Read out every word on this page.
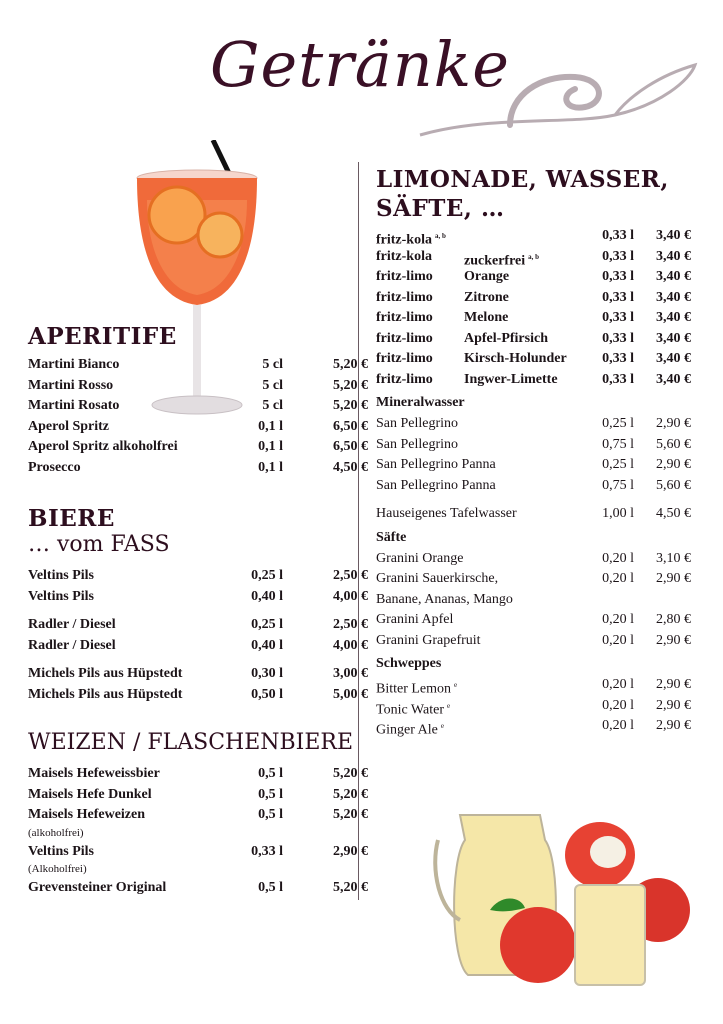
Getränke
APERITIFE
Martini Bianco	5 cl	5,20 €
Martini Rosso	5 cl	5,20 €
Martini Rosato	5 cl	5,20 €
Aperol Spritz	0,1 l	6,50 €
Aperol Spritz alkoholfrei	0,1 l	6,50 €
Prosecco	0,1 l	4,50 €
BIERE
… vom FASS
Veltins Pils	0,25 l	2,50 €
Veltins Pils	0,40 l	4,00 €
Radler / Diesel	0,25 l	2,50 €
Radler / Diesel	0,40 l	4,00 €
Michels Pils aus Hüpstedt	0,30 l	3,00 €
Michels Pils aus Hüpstedt	0,50 l	5,00 €
WEIZEN / FLASCHENBIERE
Maisels Hefeweissbier	0,5 l	5,20 €
Maisels Hefe Dunkel	0,5 l	5,20 €
Maisels Hefeweizen	0,5 l	5,20 €
(alkoholfrei)
Veltins Pils	0,33 l	2,90 €
(Alkoholfrei)
Grevensteiner Original	0,5 l	5,20 €
LIMONADE, WASSER,
SÄFTE, …
fritz-kola $^{a, b}$	0,33 l	3,40 €
fritz-kola zuckerfrei $^{a, b}$	0,33 l	3,40 €
fritz-limo Orange	0,33 l	3,40 €
fritz-limo Zitrone	0,33 l	3,40 €
fritz-limo Melone	0,33 l	3,40 €
fritz-limo Apfel-Pfirsich	0,33 l	3,40 €
fritz-limo Kirsch-Holunder	0,33 l	3,40 €
fritz-limo Ingwer-Limette	0,33 l	3,40 €
Mineralwasser
San Pellegrino	0,25 l	2,90 €
San Pellegrino	0,75 l	5,60 €
San Pellegrino Panna	0,25 l	2,90 €
San Pellegrino Panna	0,75 l	5,60 €
Hauseigenes Tafelwasser	1,00 l	4,50 €
Säfte
Granini Orange	0,20 l	3,10 €
Granini Sauerkirsche,	0,20 l	2,90 €
Banane, Ananas, Mango
Granini Apfel	0,20 l	2,80 €
Granini Grapefruit	0,20 l	2,90 €
Schweppes
Bitter Lemon $^e$	0,20 l	2,90 €
Tonic Water $^e$	0,20 l	2,90 €
Ginger Ale $^e$	0,20 l	2,90 €
